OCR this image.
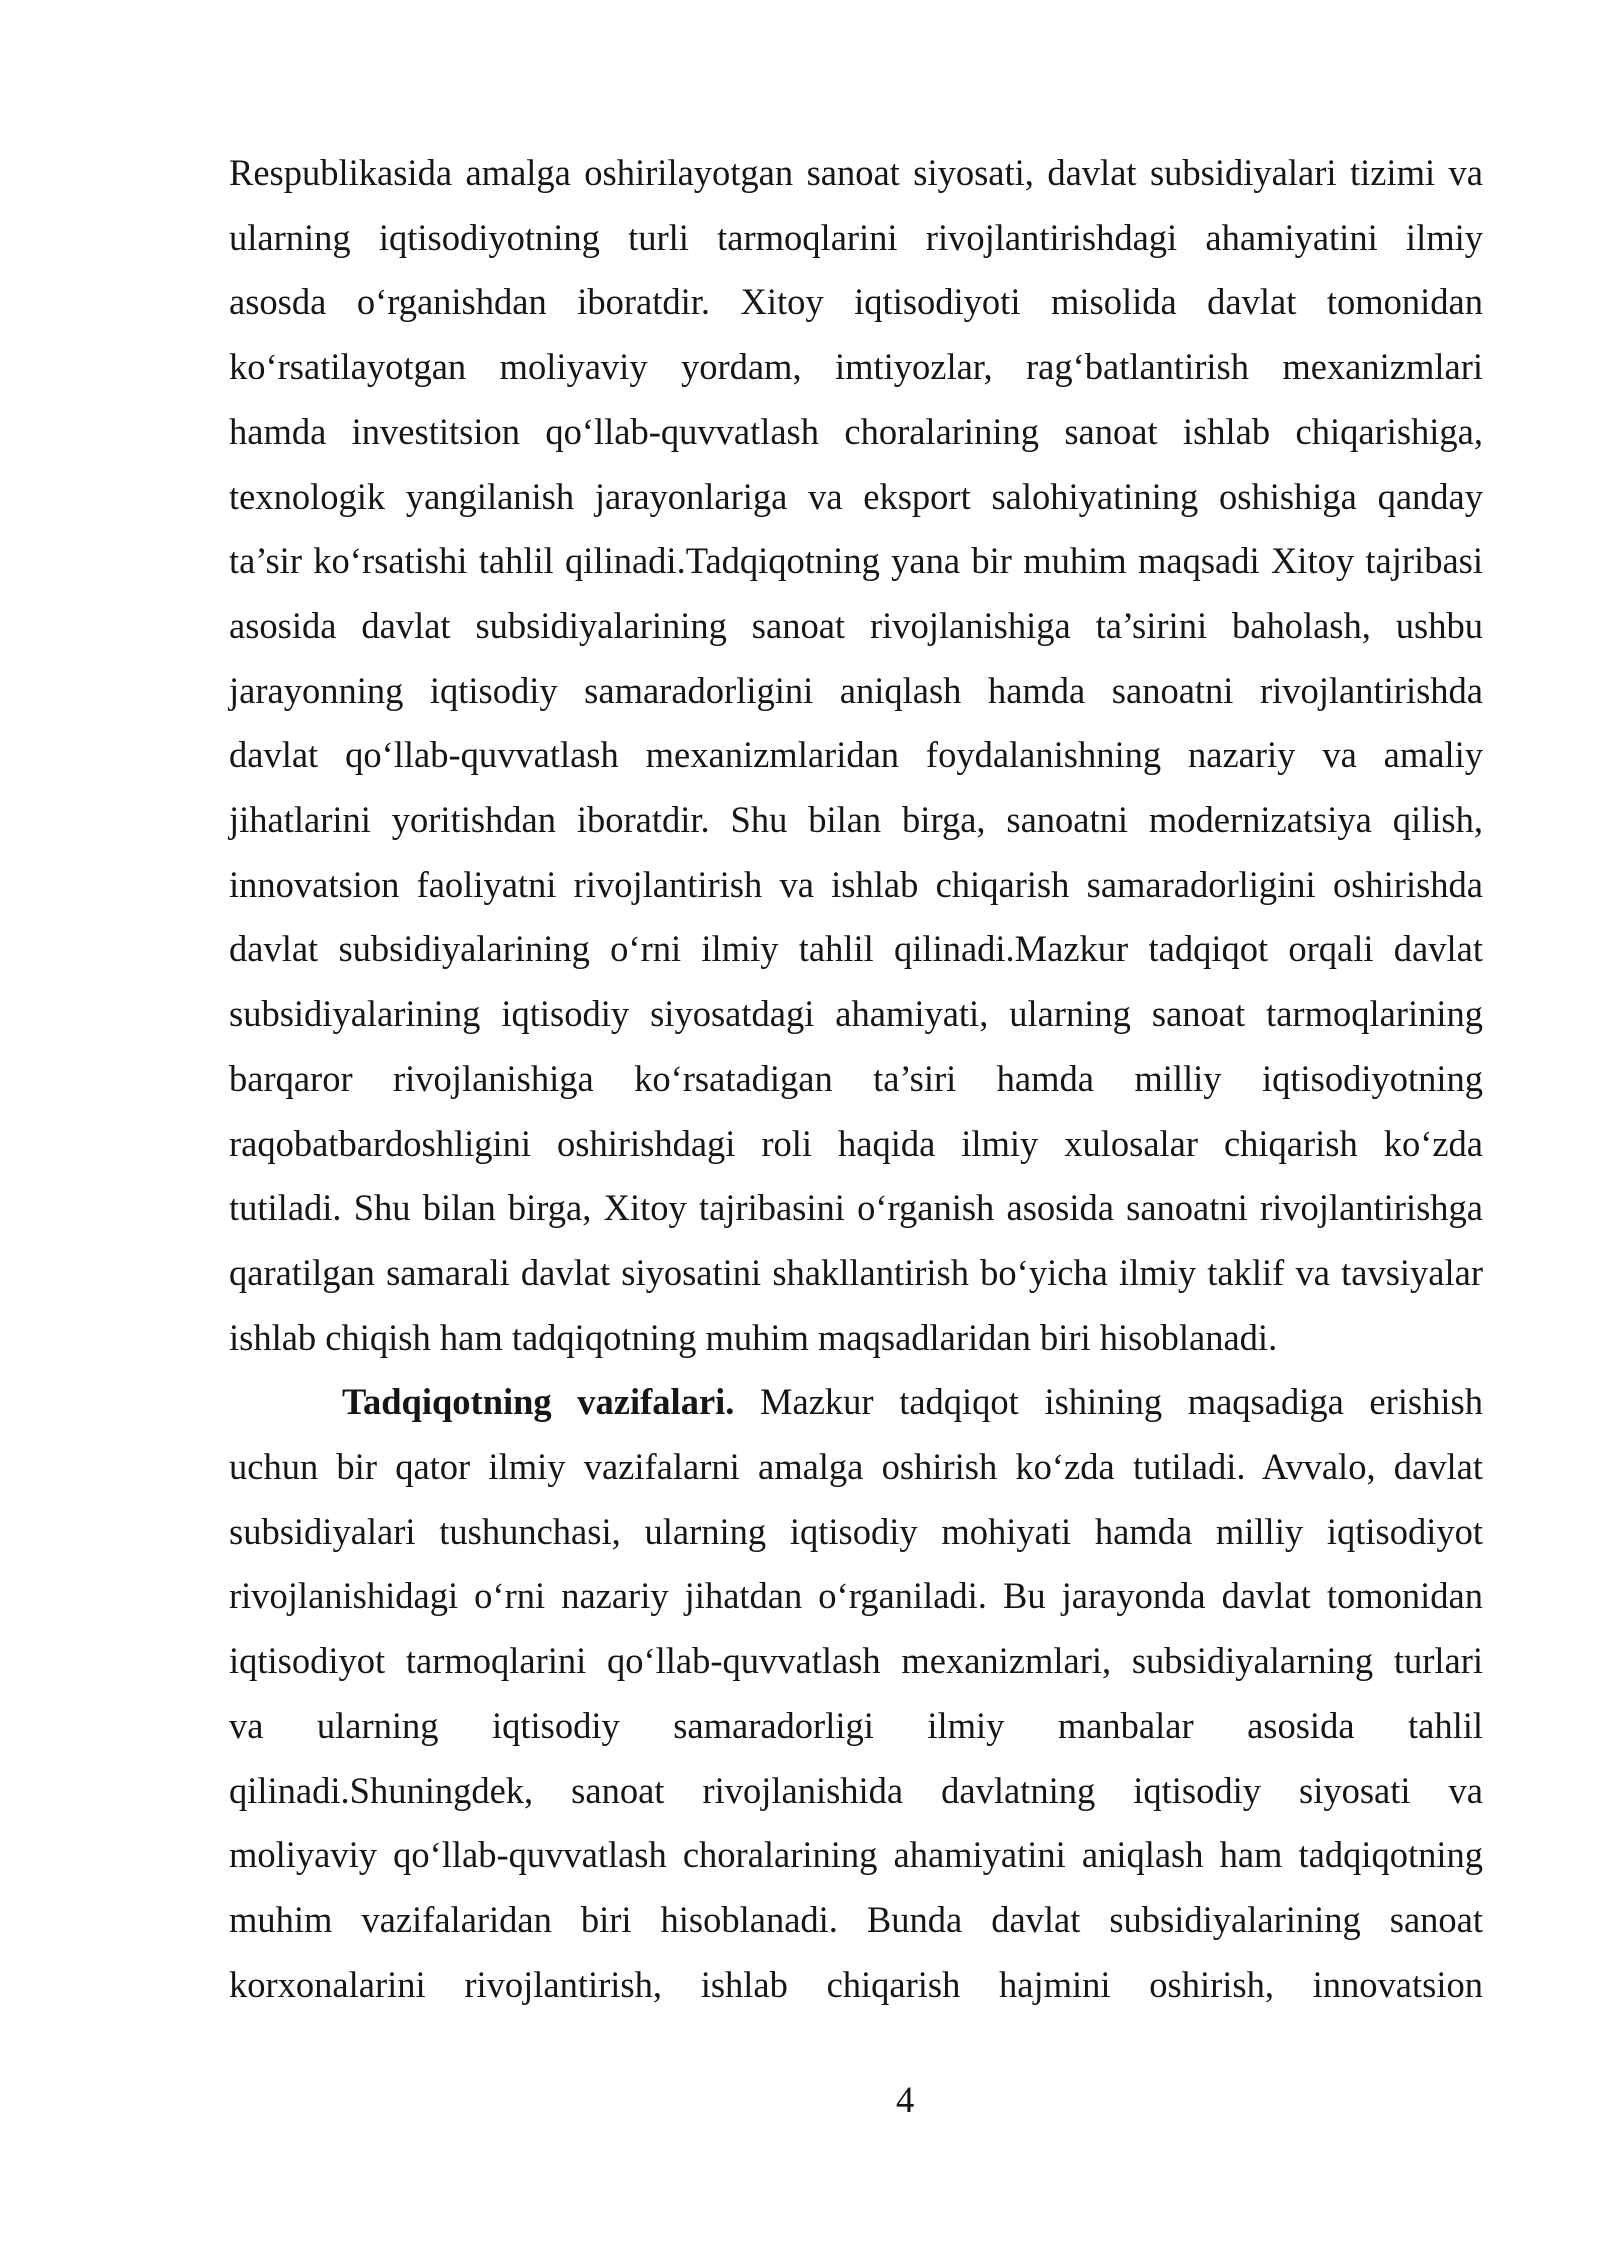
Respublikasida amalga oshirilayotgan sanoat siyosati, davlat subsidiyalari tizimi va
ularning iqtisodiyotning turli tarmoqlarini rivojlantirishdagi ahamiyatini ilmiy
asosda o‘rganishdan iboratdir. Xitoy iqtisodiyoti misolida davlat tomonidan
ko‘rsatilayotgan moliyaviy yordam, imtiyozlar, rag‘batlantirish mexanizmlari
hamda investitsion qo‘llab-quvvatlash choralarining sanoat ishlab chiqarishiga,
texnologik yangilanish jarayonlariga va eksport salohiyatining oshishiga qanday
ta’sir ko‘rsatishi tahlil qilinadi.Tadqiqotning yana bir muhim maqsadi Xitoy tajribasi
asosida davlat subsidiyalarining sanoat rivojlanishiga ta’sirini baholash, ushbu
jarayonning iqtisodiy samaradorligini aniqlash hamda sanoatni rivojlantirishda
davlat qo‘llab-quvvatlash mexanizmlaridan foydalanishning nazariy va amaliy
jihatlarini yoritishdan iboratdir. Shu bilan birga, sanoatni modernizatsiya qilish,
innovatsion faoliyatni rivojlantirish va ishlab chiqarish samaradorligini oshirishda
davlat subsidiyalarining o‘rni ilmiy tahlil qilinadi.Mazkur tadqiqot orqali davlat
subsidiyalarining iqtisodiy siyosatdagi ahamiyati, ularning sanoat tarmoqlarining
barqaror rivojlanishiga ko‘rsatadigan ta’siri hamda milliy iqtisodiyotning
raqobatbardoshligini oshirishdagi roli haqida ilmiy xulosalar chiqarish ko‘zda
tutiladi. Shu bilan birga, Xitoy tajribasini o‘rganish asosida sanoatni rivojlantirishga
qaratilgan samarali davlat siyosatini shakllantirish bo‘yicha ilmiy taklif va tavsiyalar
ishlab chiqish ham tadqiqotning muhim maqsadlaridan biri hisoblanadi.
Tadqiqotning vazifalari. Mazkur tadqiqot ishining maqsadiga erishish
uchun bir qator ilmiy vazifalarni amalga oshirish ko‘zda tutiladi. Avvalo, davlat
subsidiyalari tushunchasi, ularning iqtisodiy mohiyati hamda milliy iqtisodiyot
rivojlanishidagi o‘rni nazariy jihatdan o‘rganiladi. Bu jarayonda davlat tomonidan
iqtisodiyot tarmoqlarini qo‘llab-quvvatlash mexanizmlari, subsidiyalarning turlari
va ularning iqtisodiy samaradorligi ilmiy manbalar asosida tahlil
qilinadi.Shuningdek, sanoat rivojlanishida davlatning iqtisodiy siyosati va
moliyaviy qo‘llab-quvvatlash choralarining ahamiyatini aniqlash ham tadqiqotning
muhim vazifalaridan biri hisoblanadi. Bunda davlat subsidiyalarining sanoat
korxonalarini rivojlantirish, ishlab chiqarish hajmini oshirish, innovatsion
4
